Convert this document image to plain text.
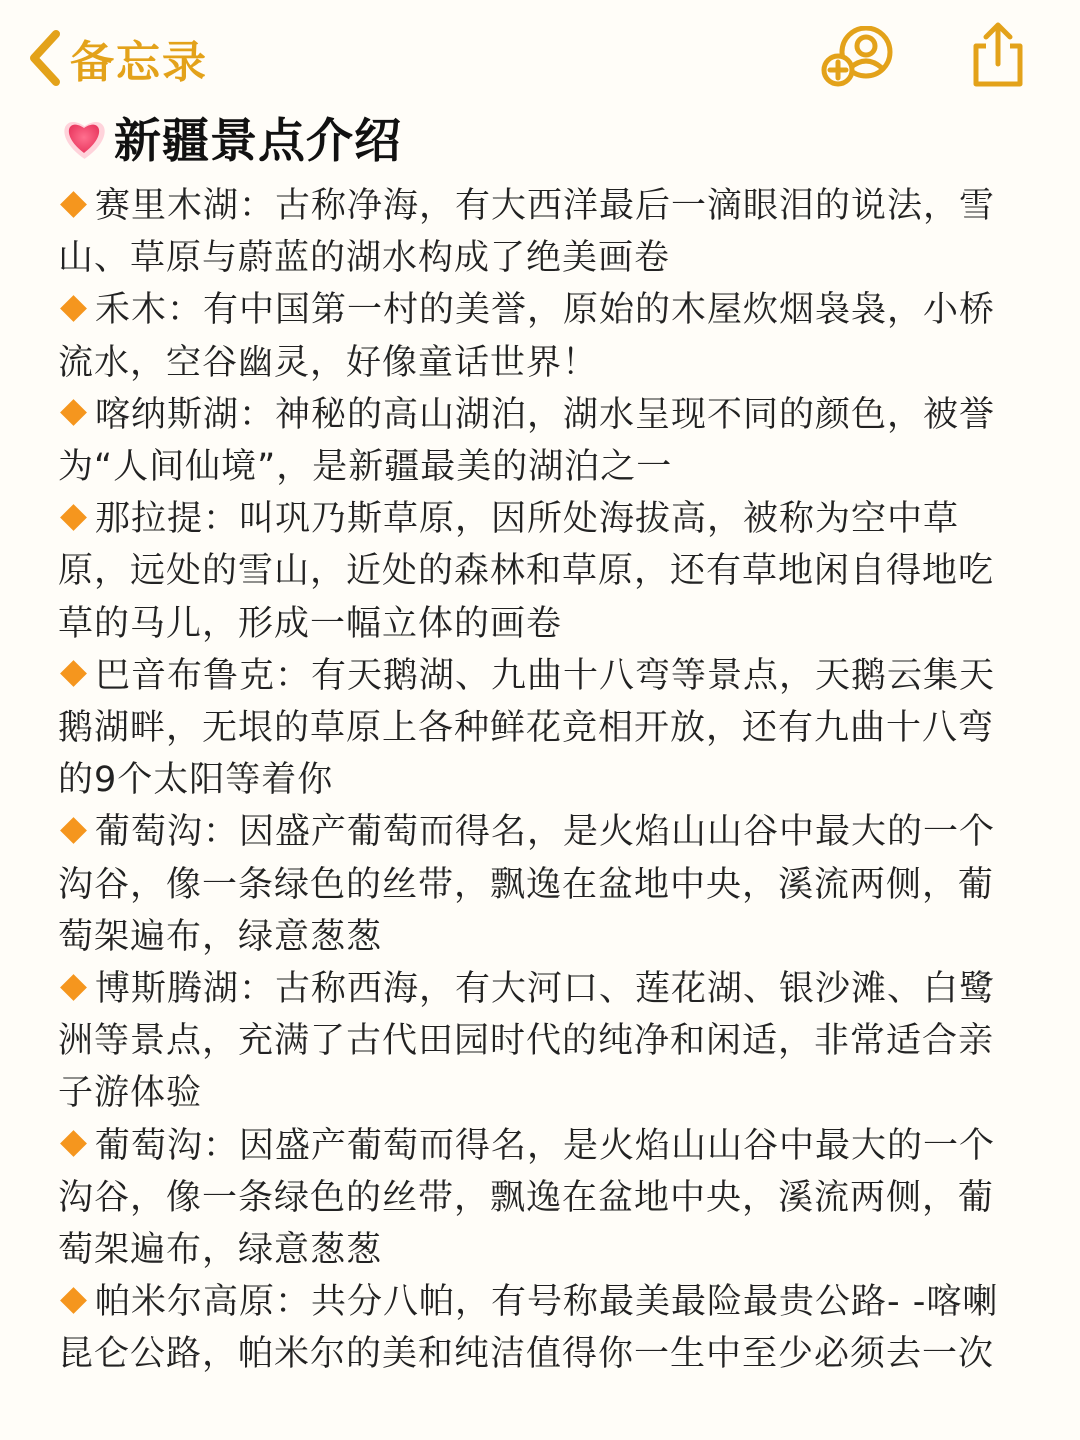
备忘录
新疆景点介绍

赛里木湖：古称净海，有大西洋最后一滴眼泪的说法，雪山、草原与蔚蓝的湖水构成了绝美画卷

禾木：有中国第一村的美誉，原始的木屋炊烟袅袅，小桥流水，空谷幽灵，好像童话世界！

喀纳斯湖：神秘的高山湖泊，湖水呈现不同的颜色，被誉为“人间仙境”，是新疆最美的湖泊之一

那拉提：叫巩乃斯草原，因所处海拔高，被称为空中草原，远处的雪山，近处的森林和草原，还有草地闲自得地吃草的马儿，形成一幅立体的画卷

巴音布鲁克：有天鹅湖、九曲十八弯等景点，天鹅云集天鹅湖畔，无垠的草原上各种鲜花竞相开放，还有九曲十八弯的9个太阳等着你

葡萄沟：因盛产葡萄而得名，是火焰山山谷中最大的一个沟谷，像一条绿色的丝带，飘逸在盆地中央，溪流两侧，葡萄架遍布，绿意葱葱

博斯腾湖：古称西海，有大河口、莲花湖、银沙滩、白鹭洲等景点，充满了古代田园时代的纯净和闲适，非常适合亲子游体验

葡萄沟：因盛产葡萄而得名，是火焰山山谷中最大的一个沟谷，像一条绿色的丝带，飘逸在盆地中央，溪流两侧，葡萄架遍布，绿意葱葱

帕米尔高原：共分八帕，有号称最美最险最贵公路- -喀喇昆仑公路，帕米尔的美和纯洁值得你一生中至少必须去一次
